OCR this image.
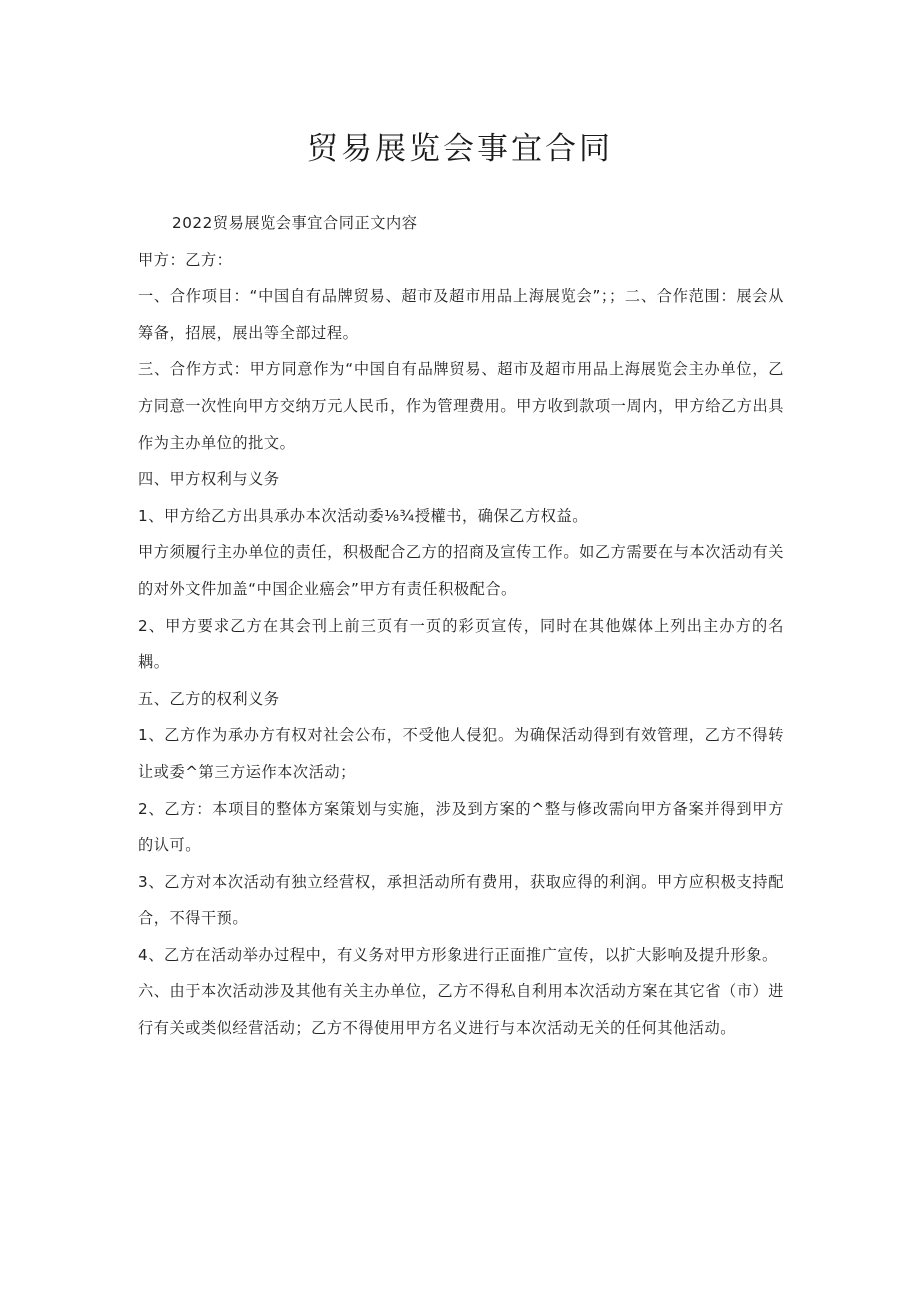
贸易展览会事宜合同

2022贸易展览会事宜合同正文内容

甲方：乙方：

一、合作项目：“中国自有品牌贸易、超市及超市用品上海展览会”；；二、合作范围：展会从筹备，招展，展出等全部过程。

三、合作方式：甲方同意作为“中国自有品牌贸易、超市及超市用品上海展览会主办单位，乙方同意一次性向甲方交纳万元人民币，作为管理费用。甲方收到款项一周内，甲方给乙方出具作为主办单位的批文。

四、甲方权利与义务

1、甲方给乙方出具承办本次活动委⅛¾授權书，确保乙方权益。

甲方须履行主办单位的责任，积极配合乙方的招商及宣传工作。如乙方需要在与本次活动有关的对外文件加盖“中国企业癌会”甲方有责任积极配合。

2、甲方要求乙方在其会刊上前三页有一页的彩页宣传，同时在其他媒体上列出主办方的名耦。

五、乙方的权利义务

1、乙方作为承办方有权对社会公布，不受他人侵犯。为确保活动得到有效管理，乙方不得转让或委^第三方运作本次活动；

2、乙方：本项目的整体方案策划与实施，涉及到方案的^整与修改需向甲方备案并得到甲方的认可。

3、乙方对本次活动有独立经营权，承担活动所有费用，获取应得的利润。甲方应积极支持配合，不得干预。

4、乙方在活动举办过程中，有义务对甲方形象进行正面推广宣传，以扩大影响及提升形象。

六、由于本次活动涉及其他有关主办单位，乙方不得私自利用本次活动方案在其它省（市）进行有关或类似经营活动；乙方不得使用甲方名义进行与本次活动无关的任何其他活动。
